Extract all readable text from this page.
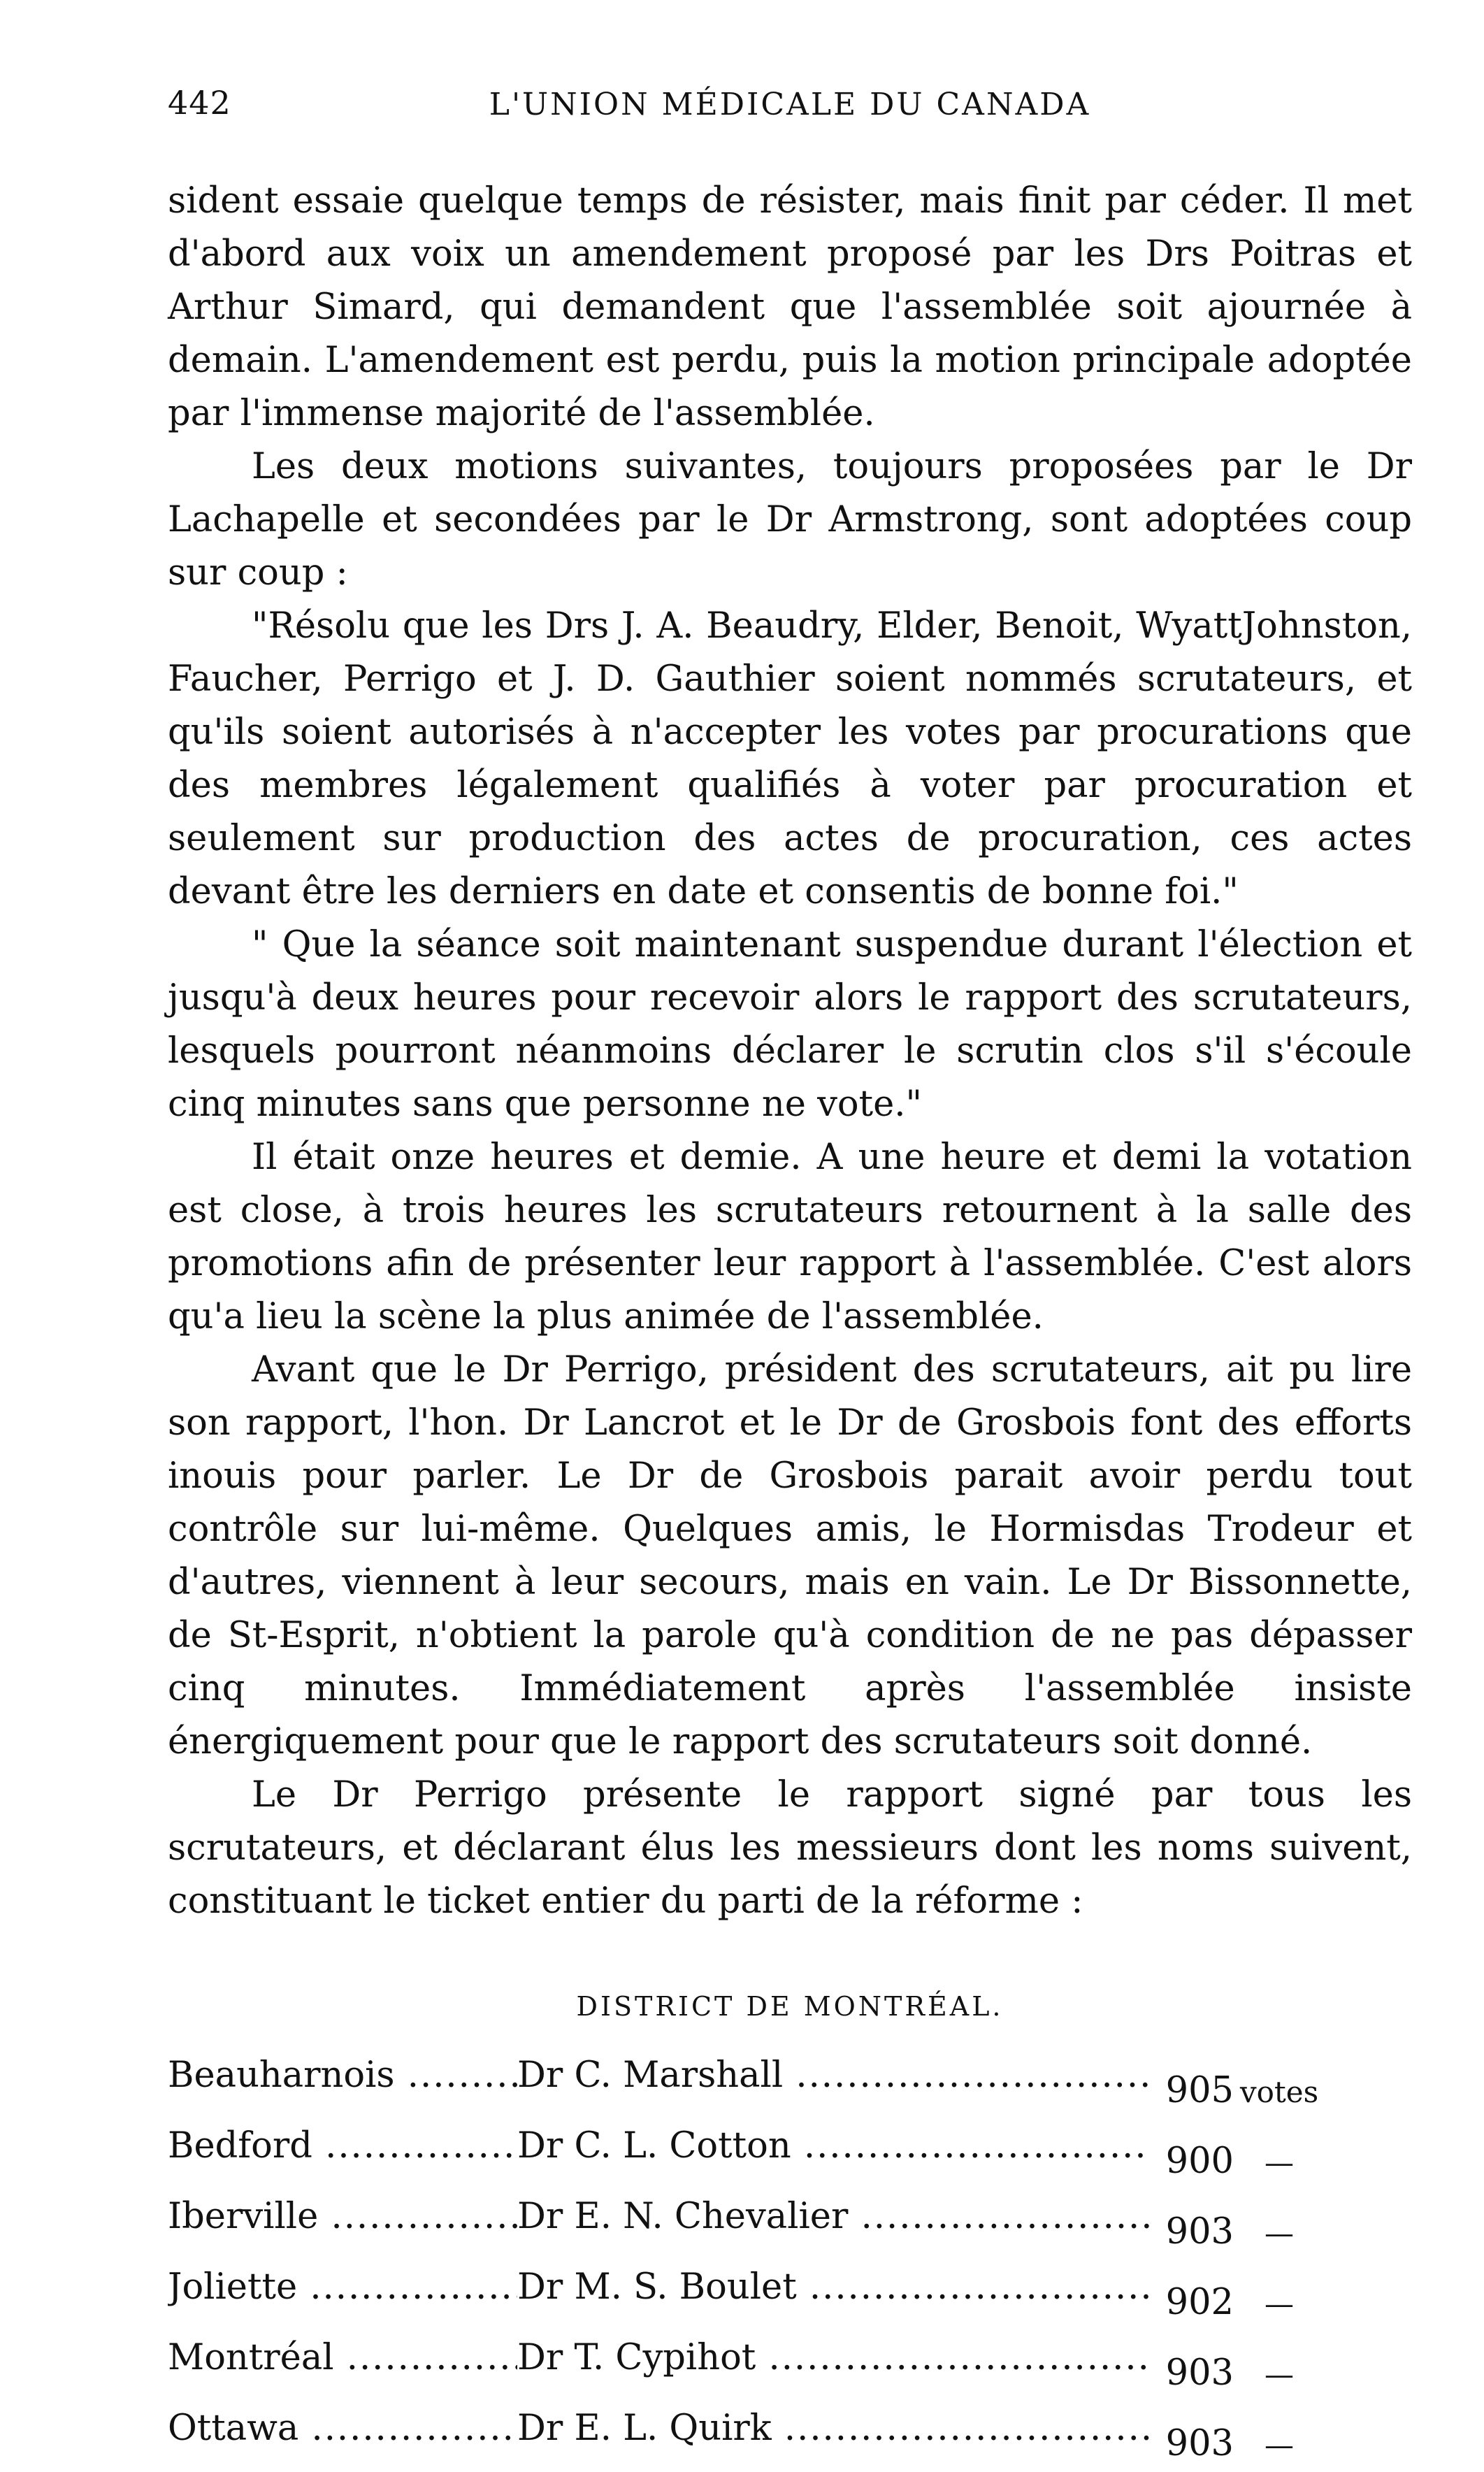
442	L'UNION MÉDICALE DU CANADA

sident essaie quelque temps de résister, mais finit par céder. Il met d'abord aux voix un amendement proposé par les Drs Poitras et Arthur Simard, qui demandent que l'assemblée soit ajournée à demain. L'amendement est perdu, puis la motion principale adoptée par l'immense majorité de l'assemblée.

Les deux motions suivantes, toujours proposées par le Dr Lachapelle et secondées par le Dr Armstrong, sont adoptées coup sur coup :

"Résolu que les Drs J. A. Beaudry, Elder, Benoit, WyattJohnston, Faucher, Perrigo et J. D. Gauthier soient nommés scrutateurs, et qu'ils soient autorisés à n'accepter les votes par procurations que des membres légalement qualifiés à voter par procuration et seulement sur production des actes de procuration, ces actes devant être les derniers en date et consentis de bonne foi."

" Que la séance soit maintenant suspendue durant l'élection et jusqu'à deux heures pour recevoir alors le rapport des scrutateurs, lesquels pourront néanmoins déclarer le scrutin clos s'il s'écoule cinq minutes sans que personne ne vote."

Il était onze heures et demie. A une heure et demi la votation est close, à trois heures les scrutateurs retournent à la salle des promotions afin de présenter leur rapport à l'assemblée. C'est alors qu'a lieu la scène la plus animée de l'assemblée.

Avant que le Dr Perrigo, président des scrutateurs, ait pu lire son rapport, l'hon. Dr Lancrot et le Dr de Grosbois font des efforts inouis pour parler. Le Dr de Grosbois parait avoir perdu tout contrôle sur lui-même. Quelques amis, le Hormisdas Trodeur et d'autres, viennent à leur secours, mais en vain. Le Dr Bissonnette, de St-Esprit, n'obtient la parole qu'à condition de ne pas dépasser cinq minutes. Immédiatement après l'assemblée insiste énergiquement pour que le rapport des scrutateurs soit donné.

Le Dr Perrigo présente le rapport signé par tous les scrutateurs, et déclarant élus les messieurs dont les noms suivent, constituant le ticket entier du parti de la réforme :

DISTRICT DE MONTRÉAL.
Beauharnois .....	Dr C. Marshall .....	905 votes
Bedford .....	Dr C. L. Cotton .....	900	—
Iberville .....	Dr E. N. Chevalier .....	903	—
Joliette .....	Dr M. S. Boulet .....	902	—
Montréal .....	Dr T. Cypihot .....	903	—
Ottawa .....	Dr E. L. Quirk .....	903	—
